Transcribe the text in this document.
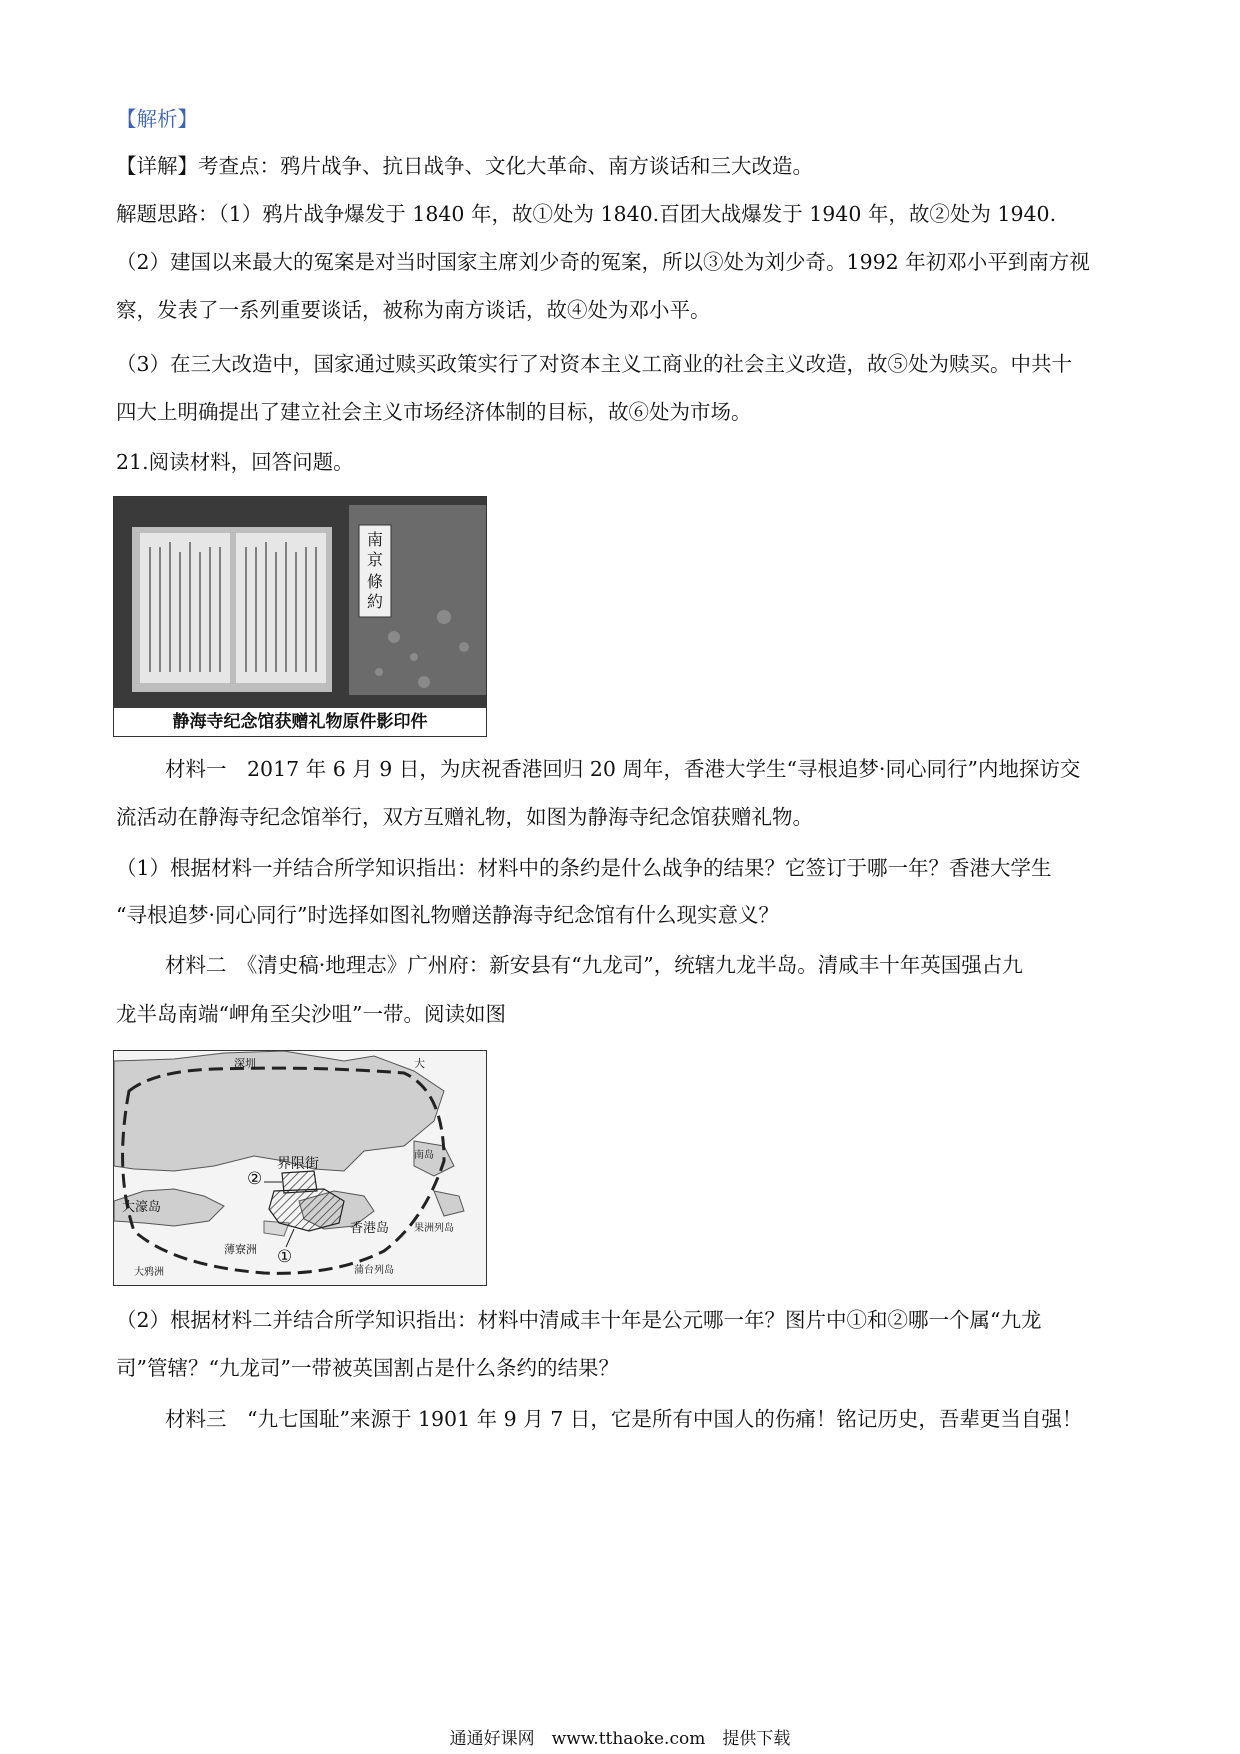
【解析】
【详解】考查点：鸦片战争、抗日战争、文化大革命、南方谈话和三大改造。
解题思路：（1）鸦片战争爆发于 1840 年，故①处为 1840.百团大战爆发于 1940 年，故②处为 1940.
（2）建国以来最大的冤案是对当时国家主席刘少奇的冤案，所以③处为刘少奇。1992 年初邓小平到南方视
察，发表了一系列重要谈话，被称为南方谈话，故④处为邓小平。
（3）在三大改造中，国家通过赎买政策实行了对资本主义工商业的社会主义改造，故⑤处为赎买。中共十
四大上明确提出了建立社会主义市场经济体制的目标，故⑥处为市场。
21.阅读材料，回答问题。
南
京
條
約
静海寺纪念馆获赠礼物原件影印件
材料一　2017 年 6 月 9 日，为庆祝香港回归 20 周年，香港大学生“寻根追梦·同心同行”内地探访交
流活动在静海寺纪念馆举行，双方互赠礼物，如图为静海寺纪念馆获赠礼物。
（1）根据材料一并结合所学知识指出：材料中的条约是什么战争的结果？它签订于哪一年？香港大学生
“寻根追梦·同心同行”时选择如图礼物赠送静海寺纪念馆有什么现实意义？
材料二　《清史稿·地理志》广州府：新安县有“九龙司”，统辖九龙半岛。清咸丰十年英国强占九
龙半岛南端“岬角至尖沙咀”一带。阅读如图
深圳
界限街
大
②
①
大濠岛
香港岛
南岛
薄寮洲
果洲列岛
大鸦洲	蒲台列岛
（2）根据材料二并结合所学知识指出：材料中清咸丰十年是公元哪一年？图片中①和②哪一个属“九龙
司”管辖？“九龙司”一带被英国割占是什么条约的结果？
材料三　“九七国耻”来源于 1901 年 9 月 7 日，它是所有中国人的伤痛！铭记历史，吾辈更当自强！
通通好课网　www.tthaoke.com　提供下载
